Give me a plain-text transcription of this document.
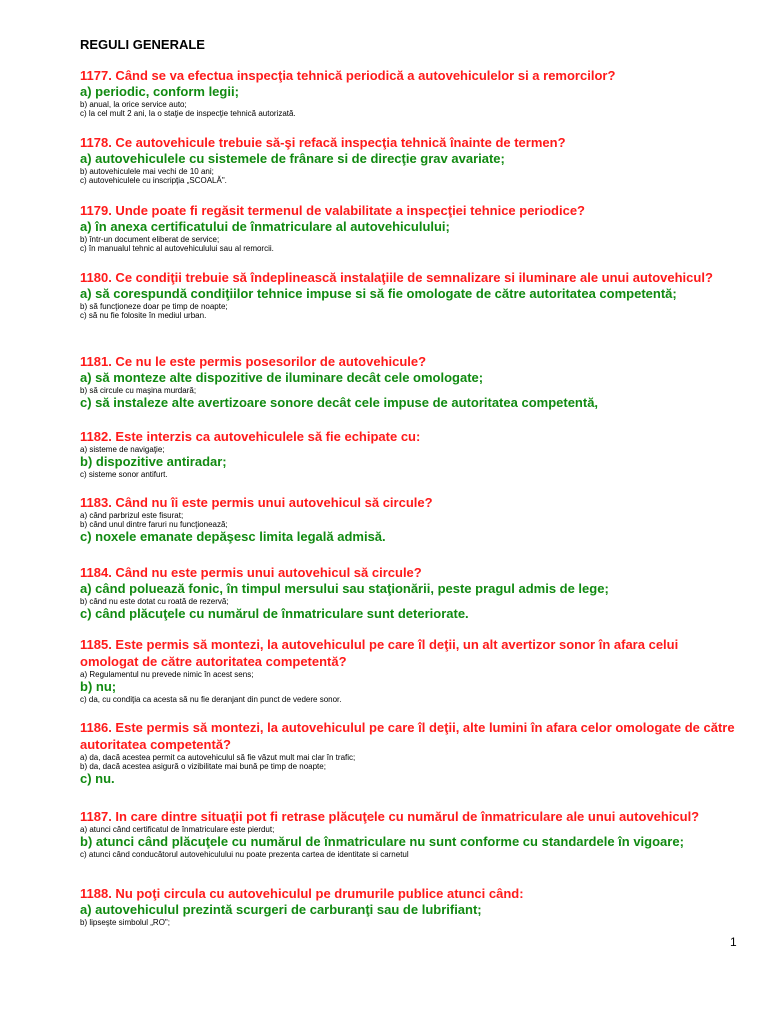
REGULI GENERALE

1177. Când se va efectua inspecţia tehnică periodică a autovehiculelor si a remorcilor?

a) periodic, conform legii;

b) anual, la orice service auto;

c) la cel mult 2 ani, la o staţie de inspecţie tehnică autorizată.

1178. Ce autovehicule trebuie să-şi refacă inspecţia tehnică înainte de termen?

a) autovehiculele cu sistemele de frânare si de direcţie grav avariate;

b) autovehiculele mai vechi de 10 ani;

c) autovehiculele cu inscripţia „SCOALĂ".

1179. Unde poate fi regăsit termenul de valabilitate a inspecţiei tehnice periodice?

a) în anexa certificatului de înmatriculare al autovehiculului;

b) într-un document eliberat de service;

c) în manualul tehnic al autovehiculului sau al remorcii.

1180. Ce condiţii trebuie să îndeplinească instalaţiile de semnalizare si iluminare ale unui autovehicul?

a) să corespundă condiţiilor tehnice impuse si să fie omologate de către autoritatea competentă;

b) să funcţioneze doar pe timp de noapte;

c) să nu fie folosite în mediul urban.

1181. Ce nu le este permis posesorilor de autovehicule?

a) să monteze alte dispozitive de iluminare decât cele omologate;

b) să circule cu maşina murdară;

c) să instaleze alte avertizoare sonore decât cele impuse de autoritatea competentă,

1182. Este interzis ca autovehiculele să fie echipate cu:

a) sisteme de navigaţie;

b) dispozitive antiradar;

c) sisteme sonor antifurt.

1183. Când nu îi este permis unui autovehicul să circule?

a) când parbrizul este fisurat;

b) când unul dintre faruri nu funcţionează;

c) noxele emanate depăşesc limita legală admisă.

1184. Când nu este permis unui autovehicul să circule?

a) când poluează fonic, în timpul mersului sau staţionării, peste pragul admis de lege;

b) când nu este dotat cu roată de rezervă;

c) când plăcuţele cu numărul de înmatriculare sunt deteriorate.

1185. Este permis să montezi, la autovehiculul pe care îl deţii, un alt avertizor sonor în afara celui omologat de către autoritatea competentă?

a) Regulamentul nu prevede nimic în acest sens;

b) nu;

c) da, cu condiţia ca acesta să nu fie deranjant din punct de vedere sonor.

1186. Este permis să montezi, la autovehiculul pe care îl deţii, alte lumini în afara celor omologate de către autoritatea competentă?

a) da, dacă acestea permit ca autovehiculul să fie văzut mult mai clar în trafic;

b) da, dacă acestea asigură o vizibilitate mai bună pe timp de noapte;

c) nu.

1187. In care dintre situaţii pot fi retrase plăcuţele cu numărul de înmatriculare ale unui autovehicul?

a) atunci când certificatul de înmatriculare este pierdut;

b) atunci când plăcuţele cu numărul de înmatriculare nu sunt conforme cu standardele în vigoare;

c) atunci când conducătorul autovehiculului nu poate prezenta cartea de identitate si carnetul

1188. Nu poţi circula cu autovehiculul pe drumurile publice atunci când:

a) autovehiculul prezintă scurgeri de carburanţi sau de lubrifiant;

b) lipseşte simbolul „RO";

1
